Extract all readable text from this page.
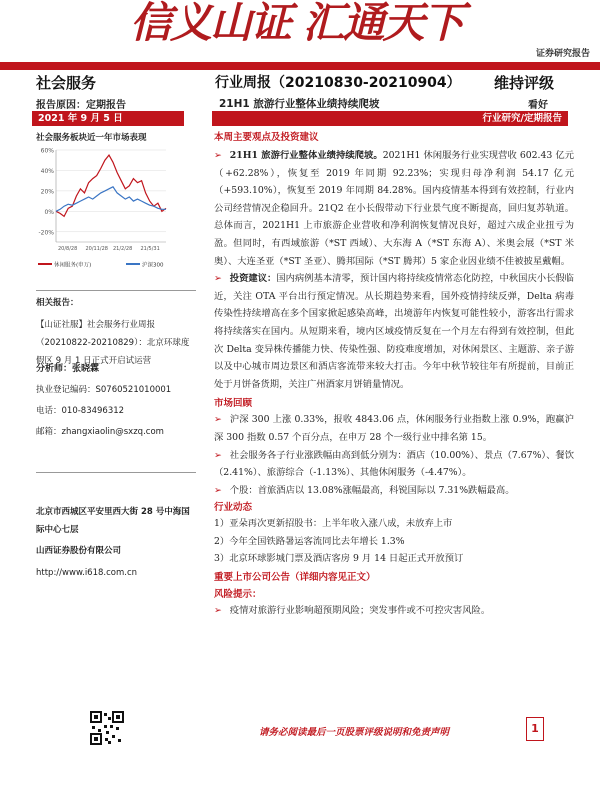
信义山证 汇通天下
证券研究报告
社会服务	行业周报（20210830-20210904） 维持评级
报告原因：定期报告	21H1 旅游行业整体业绩持续爬坡	看好
2021 年 9 月 5 日	行业研究/定期报告
社会服务板块近一年市场表现
60%
40%
20%
0%
-20%
20/8/28 20/11/28 21/2/28 21/5/31
休闲服务(申万)	沪深300
相关报告：
【山证社服】社会服务行业周报（20210822-20210829）：北京环球度假区 9 月 1 日正式开启试运营
分析师：张晓霖
执业登记编码：S0760521010001
电话：010-83496312
邮箱：zhangxiaolin@sxzq.com
北京市西城区平安里西大街 28 号中海国际中心七层
山西证券股份有限公司
http://www.i618.com.cn
本周主要观点及投资建议
➢ 21H1 旅游行业整体业绩持续爬坡。2021H1 休闲服务行业实现营收 602.43 亿元（+62.28%），恢复至 2019 年同期 92.23%；实现归母净利润 54.17 亿元（+593.10%），恢复至 2019 年同期 84.28%。国内疫情基本得到有效控制，行业内公司经营情况企稳回升。21Q2 在小长假带动下行业景气度不断提高，回归复苏轨道。总体而言，2021H1 上市旅游企业营收和净利润恢复情况良好，超过六成企业扭亏为盈。但同时，有西域旅游（*ST 西域）、大东海 A（*ST 东海 A）、米奥会展（*ST 米奥）、大连圣亚（*ST 圣亚）、腾邦国际（*ST 腾邦）5 家企业因业绩不佳被披星戴帽。
➢ 投资建议：国内病例基本清零，预计国内将持续疫情常态化防控，中秋国庆小长假临近，关注 OTA 平台出行预定情况。从长期趋势来看，国外疫情持续反弹，Delta 病毒传染性持续增高在多个国家掀起感染高峰，出境游年内恢复可能性较小，游客出行需求将持续落实在国内。从短期来看，境内区域疫情反复在一个月左右得到有效控制，但此次 Delta 变异株传播能力快、传染性强、防疫难度增加，对休闲景区、主题游、亲子游以及中心城市周边景区和酒店客流带来较大打击。今年中秋节较往年有所提前，目前正处于月饼备货期，关注广州酒家月饼销量情况。
市场回顾
➢ 沪深 300 上涨 0.33%，报收 4843.06 点，休闲服务行业指数上涨 0.9%，跑赢沪深 300 指数 0.57 个百分点，在申万 28 个一级行业中排名第 15。
➢ 社会服务各子行业涨跌幅由高到低分别为：酒店（10.00%）、景点（7.67%）、餐饮（2.41%）、旅游综合（-1.13%）、其他休闲服务（-4.47%）。
➢ 个股：首旅酒店以 13.08%涨幅最高，科锐国际以 7.31%跌幅最高。
行业动态
1）亚朵再次更新招股书：上半年收入涨八成，未放弃上市
2）今年全国铁路暑运客流同比去年增长 1.3%
3）北京环球影城门票及酒店客房 9 月 14 日起正式开放预订
重要上市公司公告（详细内容见正文）
风险提示：
➢ 疫情对旅游行业影响超预期风险；突发事件或不可控灾害风险。
请务必阅读最后一页股票评级说明和免责声明	1
